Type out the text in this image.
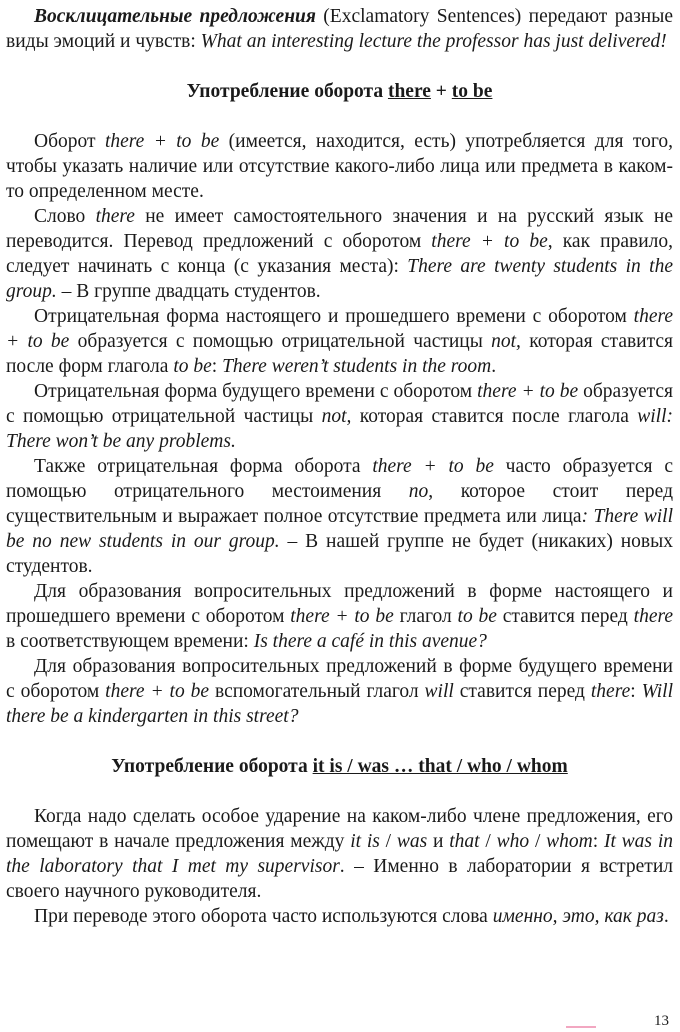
Восклицательные предложения (Exclamatory Sentences) передают разные виды эмоций и чувств: What an interesting lecture the professor has just delivered!

Употребление оборота there + to be

Оборот there + to be (имеется, находится, есть) употребляется для того, чтобы указать наличие или отсутствие какого-либо лица или предмета в каком-то определенном месте.

Слово there не имеет самостоятельного значения и на русский язык не переводится. Перевод предложений с оборотом there + to be, как правило, следует начинать с конца (с указания места): There are twenty students in the group. – В группе двадцать студентов.

Отрицательная форма настоящего и прошедшего времени с оборотом there + to be образуется с помощью отрицательной частицы not, которая ставится после форм глагола to be: There weren’t students in the room.

Отрицательная форма будущего времени с оборотом there + to be образуется с помощью отрицательной частицы not, которая ставится после глагола will: There won’t be any problems.

Также отрицательная форма оборота there + to be часто образуется с помощью отрицательного местоимения no, которое стоит перед существительным и выражает полное отсутствие предмета или лица: There will be no new students in our group. – В нашей группе не будет (никаких) новых студентов.

Для образования вопросительных предложений в форме настоящего и прошедшего времени с оборотом there + to be глагол to be ставится перед there в соответствующем времени: Is there a café in this avenue?

Для образования вопросительных предложений в форме будущего времени с оборотом there + to be вспомогательный глагол will ставится перед there: Will there be a kindergarten in this street?

Употребление оборота it is / was … that / who / whom

Когда надо сделать особое ударение на каком-либо члене предложения, его помещают в начале предложения между it is / was и that / who / whom: It was in the laboratory that I met my supervisor. – Именно в лаборатории я встретил своего научного руководителя.

При переводе этого оборота часто используются слова именно, это, как раз.

13
